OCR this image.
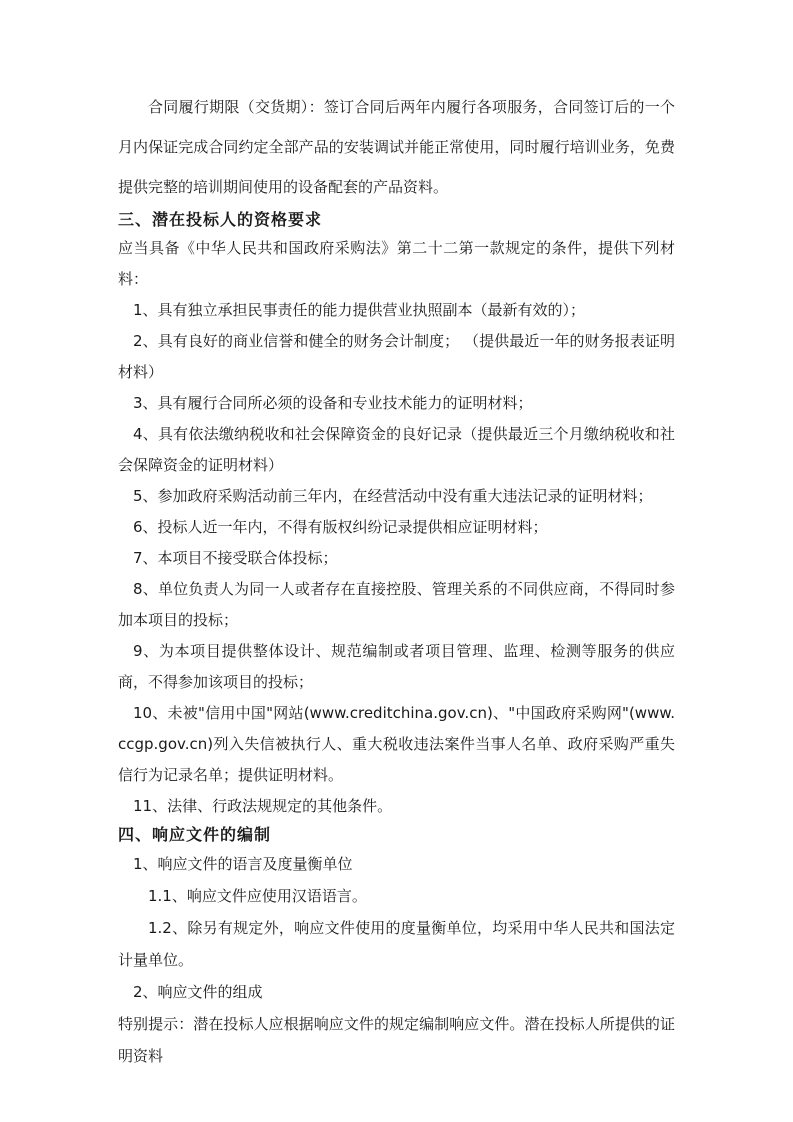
合同履行期限（交货期）：签订合同后两年内履行各项服务，合同签订后的一个月内保证完成合同约定全部产品的安装调试并能正常使用，同时履行培训业务，免费提供完整的培训期间使用的设备配套的产品资料。

三、潜在投标人的资格要求

应当具备《中华人民共和国政府采购法》第二十二第一款规定的条件，提供下列材料：

1、具有独立承担民事责任的能力提供营业执照副本（最新有效的）；

2、具有良好的商业信誉和健全的财务会计制度； （提供最近一年的财务报表证明材料）

3、具有履行合同所必须的设备和专业技术能力的证明材料；

4、具有依法缴纳税收和社会保障资金的良好记录（提供最近三个月缴纳税收和社会保障资金的证明材料）

5、参加政府采购活动前三年内，在经营活动中没有重大违法记录的证明材料；

6、投标人近一年内，不得有版权纠纷记录提供相应证明材料；

7、本项目不接受联合体投标；

8、单位负责人为同一人或者存在直接控股、管理关系的不同供应商，不得同时参加本项目的投标；

9、为本项目提供整体设计、规范编制或者项目管理、监理、检测等服务的供应商，不得参加该项目的投标；

10、未被"信用中国"网站(www.creditchina.gov.cn)、"中国政府采购网"(www.ccgp.gov.cn)列入失信被执行人、重大税收违法案件当事人名单、政府采购严重失信行为记录名单；提供证明材料。

11、法律、行政法规规定的其他条件。

四、响应文件的编制

1、响应文件的语言及度量衡单位

1.1、响应文件应使用汉语语言。

1.2、除另有规定外，响应文件使用的度量衡单位，均采用中华人民共和国法定计量单位。

2、响应文件的组成

特别提示：潜在投标人应根据响应文件的规定编制响应文件。潜在投标人所提供的证明资料
